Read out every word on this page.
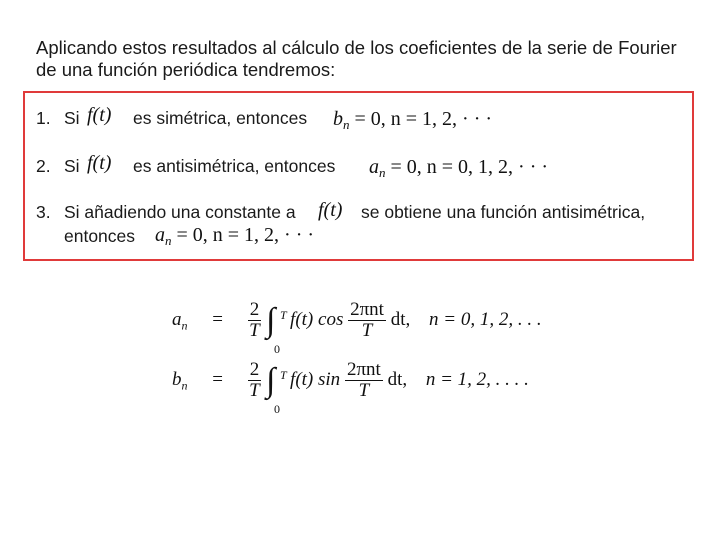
Aplicando estos resultados al cálculo de los coeficientes de la serie de Fourier
de una función periódica tendremos:
1. Si f(t) es simétrica, entonces $b_n = 0$, n = 1, 2, · · ·
2. Si f(t) es antisimétrica, entonces $a_n = 0$, n = 0, 1, 2, · · ·
3. Si añadiendo una constante a f(t) se obtiene una función antisimétrica,
entonces $a_n = 0$, n = 1, 2, · · ·
$a_n = \frac{2}{T}$ ∫ T
0
f(t) $\cos \frac{\text{2πnt}}{T}$ dt, n = 0, 1, 2, . . .
$b_n = \frac{2}{T}$ ∫ T
0
f(t) $\sin \frac{\text{2πnt}}{T}$ dt, n = 1, 2, . . . .
